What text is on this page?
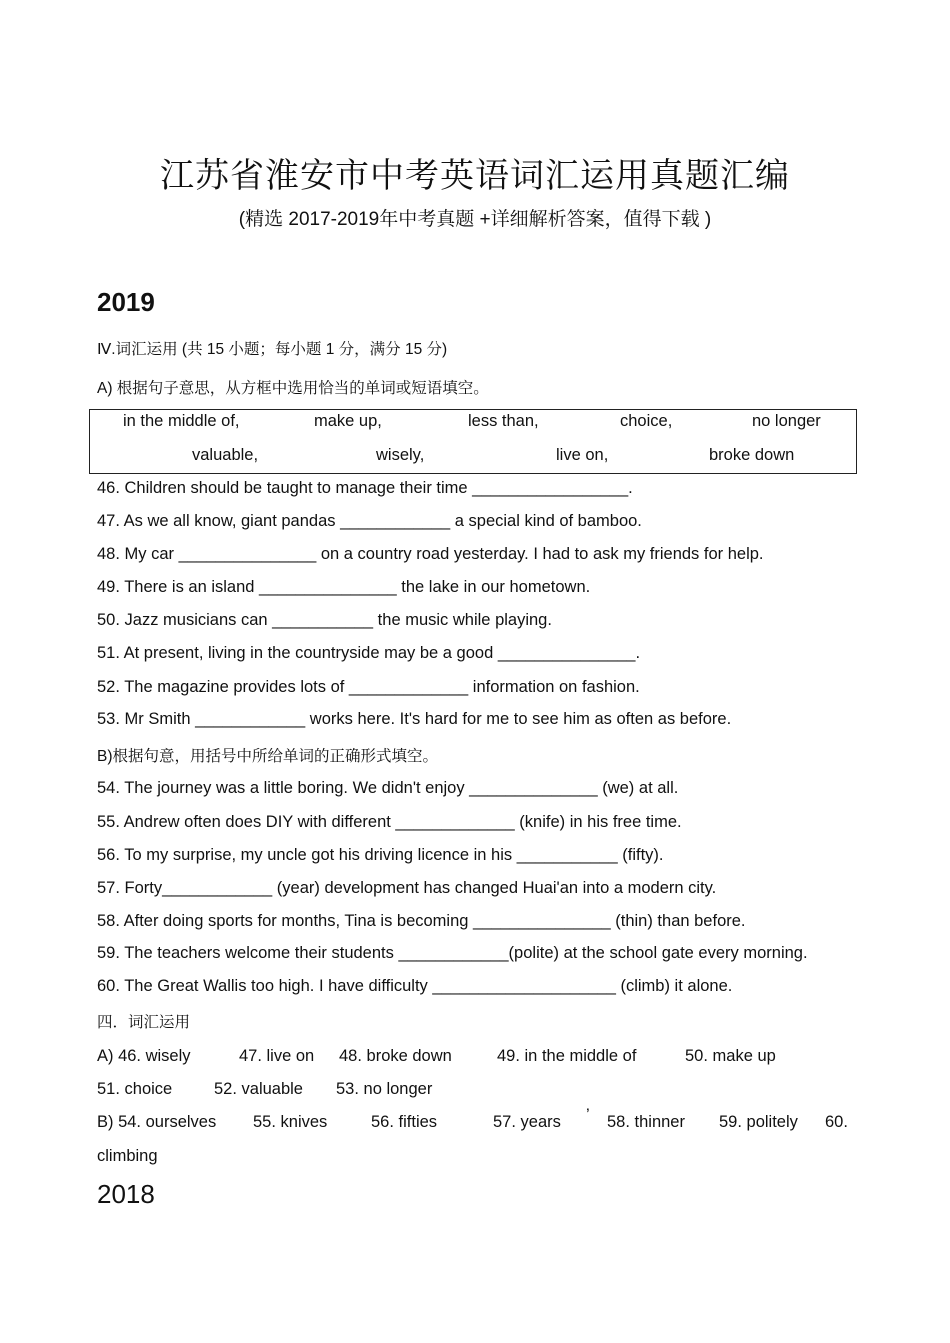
江苏省淮安市中考英语词汇运用真题汇编
(精选 2017-2019年中考真题 +详细解析答案，值得下载 )
2019
Ⅳ.词汇运用 (共 15 小题；每小题 1 分，满分 15 分)
A) 根据句子意思，从方框中选用恰当的单词或短语填空。
in the middle of,	make up,	less than,	choice,	no longer
valuable,	wisely,	live on,	broke down
46. Children should be taught to manage their time _________________.
47. As we all know, giant pandas ____________ a special kind of bamboo.
48. My car _______________ on a country road yesterday. I had to ask my friends for help.
49. There is an island _______________ the lake in our hometown.
50. Jazz musicians can ___________ the music while playing.
51. At present, living in the countryside may be a good _______________.
52. The magazine provides lots of _____________ information on fashion.
53. Mr Smith ____________ works here. It's hard for me to see him as often as before.
B)根据句意，用括号中所给单词的正确形式填空。
54. The journey was a little boring. We didn't enjoy ______________ (we) at all.
55. Andrew often does DIY with different _____________ (knife) in his free time.
56. To my surprise, my uncle got his driving licence in his ___________ (fifty).
57. Forty____________ (year) development has changed Huai'an into a modern city.
58. After doing sports for months, Tina is becoming _______________ (thin) than before.
59. The teachers welcome their students ____________(polite) at the school gate every morning.
60. The Great Wallis too high. I have difficulty ____________________ (climb) it alone.
四．词汇运用
A) 46. wisely	47. live on 48. broke down	49. in the middle of	50. make up
51. choice	52. valuable 53. no longer
B) 54. ourselves 55. knives	56. fifties	57. years ’ 58. thinner 59. politely 60.
climbing
2018
